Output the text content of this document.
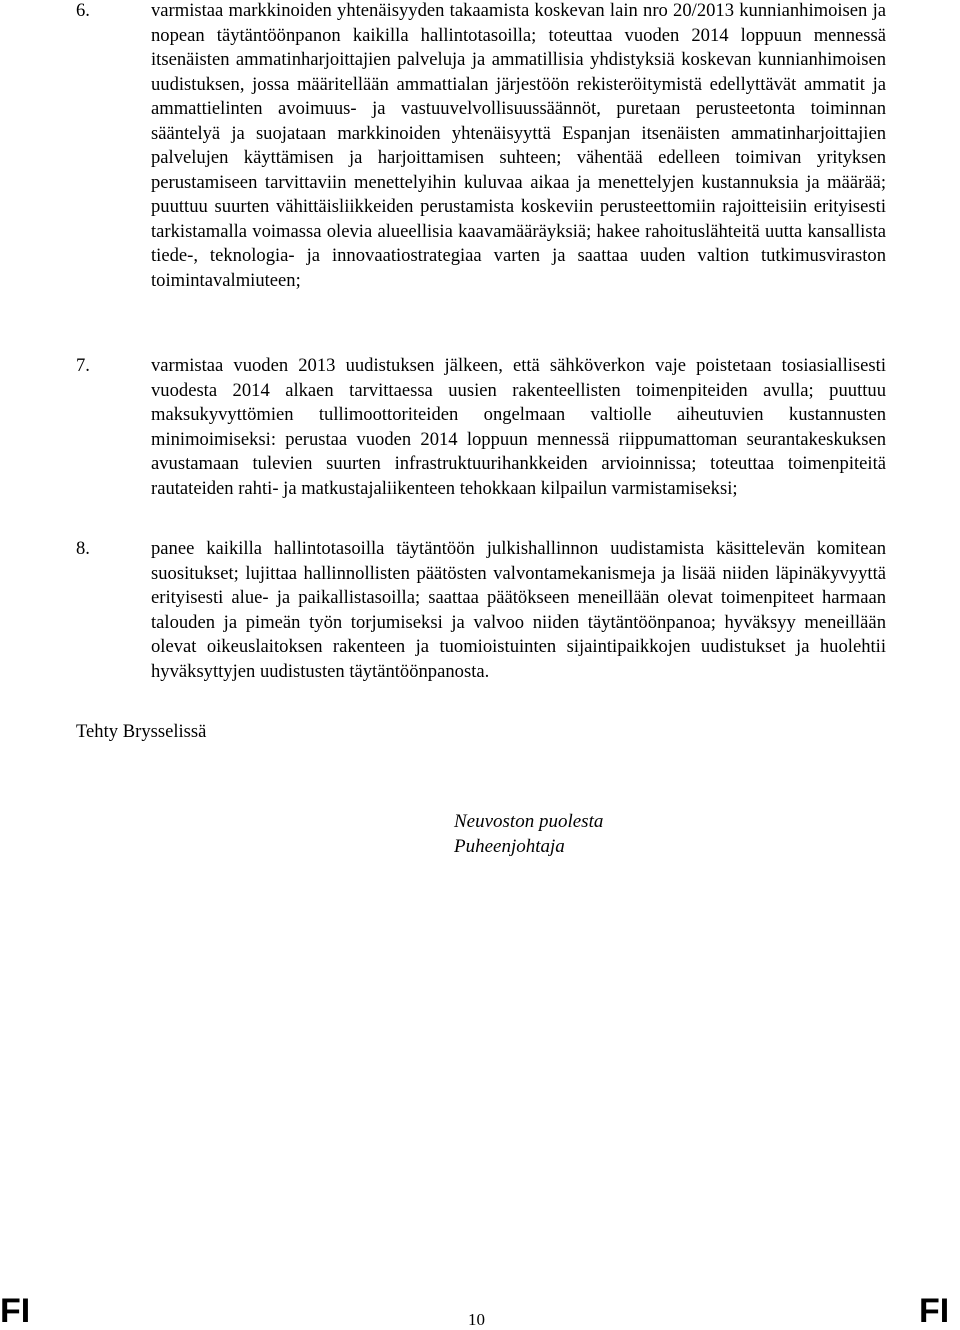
6.	varmistaa markkinoiden yhtenäisyyden takaamista koskevan lain nro 20/2013 kunnianhimoisen ja nopean täytäntöönpanon kaikilla hallintotasoilla; toteuttaa vuoden 2014 loppuun mennessä itsenäisten ammatinharjoittajien palveluja ja ammatillisia yhdistyksiä koskevan kunnianhimoisen uudistuksen, jossa määritellään ammattialan järjestöön rekisteröitymistä edellyttävät ammatit ja ammattielinten avoimuus- ja vastuuvelvollisuussäännöt, puretaan perusteetonta toiminnan sääntelyä ja suojataan markkinoiden yhtenäisyyttä Espanjan itsenäisten ammatinharjoittajien palvelujen käyttämisen ja harjoittamisen suhteen; vähentää edelleen toimivan yrityksen perustamiseen tarvittaviin menettelyihin kuluvaa aikaa ja menettelyjen kustannuksia ja määrää; puuttuu suurten vähittäisliikkeiden perustamista koskeviin perusteettomiin rajoitteisiin erityisesti tarkistamalla voimassa olevia alueellisia kaavamääräyksiä; hakee rahoituslähteitä uutta kansallista tiede-, teknologia- ja innovaatiostrategiaa varten ja saattaa uuden valtion tutkimusviraston toimintavalmiuteen;
7.	varmistaa vuoden 2013 uudistuksen jälkeen, että sähköverkon vaje poistetaan tosiasiallisesti vuodesta 2014 alkaen tarvittaessa uusien rakenteellisten toimenpiteiden avulla; puuttuu maksukyvyttömien tullimoottoriteiden ongelmaan valtiolle aiheutuvien kustannusten minimoimiseksi: perustaa vuoden 2014 loppuun mennessä riippumattoman seurantakeskuksen avustamaan tulevien suurten infrastruktuurihankkeiden arvioinnissa; toteuttaa toimenpiteitä rautateiden rahti- ja matkustajaliikenteen tehokkaan kilpailun varmistamiseksi;
8.	panee kaikilla hallintotasoilla täytäntöön julkishallinnon uudistamista käsittelevän komitean suositukset; lujittaa hallinnollisten päätösten valvontamekanismeja ja lisää niiden läpinäkyvyyttä erityisesti alue- ja paikallistasoilla; saattaa päätökseen meneillään olevat toimenpiteet harmaan talouden ja pimeän työn torjumiseksi ja valvoo niiden täytäntöönpanoa; hyväksyy meneillään olevat oikeuslaitoksen rakenteen ja tuomioistuinten sijaintipaikkojen uudistukset ja huolehtii hyväksyttyjen uudistusten täytäntöönpanosta.
Tehty Brysselissä
Neuvoston puolesta
Puheenjohtaja
FI	10	FI
